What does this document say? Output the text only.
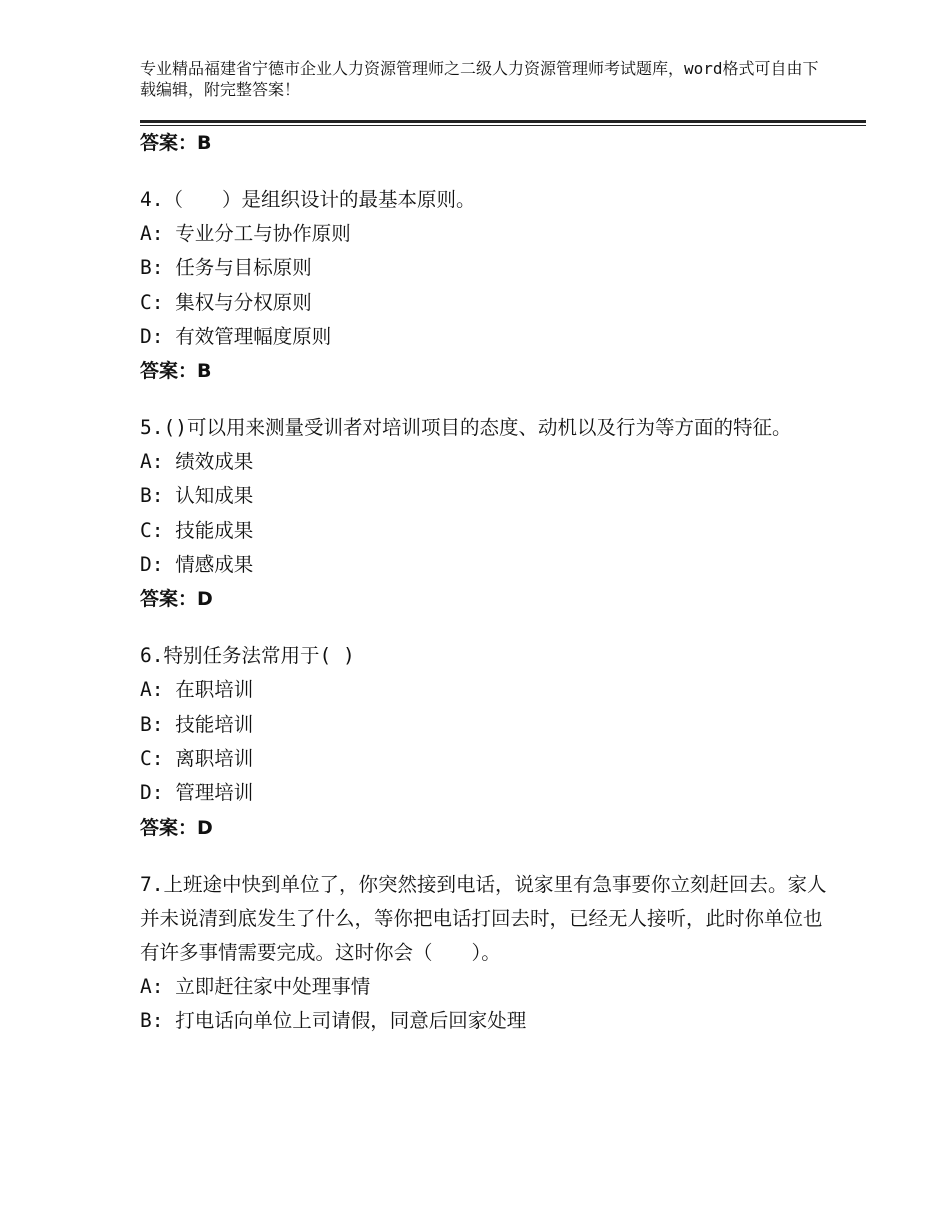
专业精品福建省宁德市企业人力资源管理师之二级人力资源管理师考试题库，word格式可自由下载编辑，附完整答案！
答案：B
4.（　　）是组织设计的最基本原则。
A: 专业分工与协作原则
B: 任务与目标原则
C: 集权与分权原则
D: 有效管理幅度原则
答案：B
5.()可以用来测量受训者对培训项目的态度、动机以及行为等方面的特征。
A: 绩效成果
B: 认知成果
C: 技能成果
D: 情感成果
答案：D
6.特别任务法常用于( )
A: 在职培训
B: 技能培训
C: 离职培训
D: 管理培训
答案：D
7.上班途中快到单位了，你突然接到电话，说家里有急事要你立刻赶回去。家人并未说清到底发生了什么，等你把电话打回去时，已经无人接听，此时你单位也有许多事情需要完成。这时你会（　　）。
A: 立即赶往家中处理事情
B: 打电话向单位上司请假，同意后回家处理
